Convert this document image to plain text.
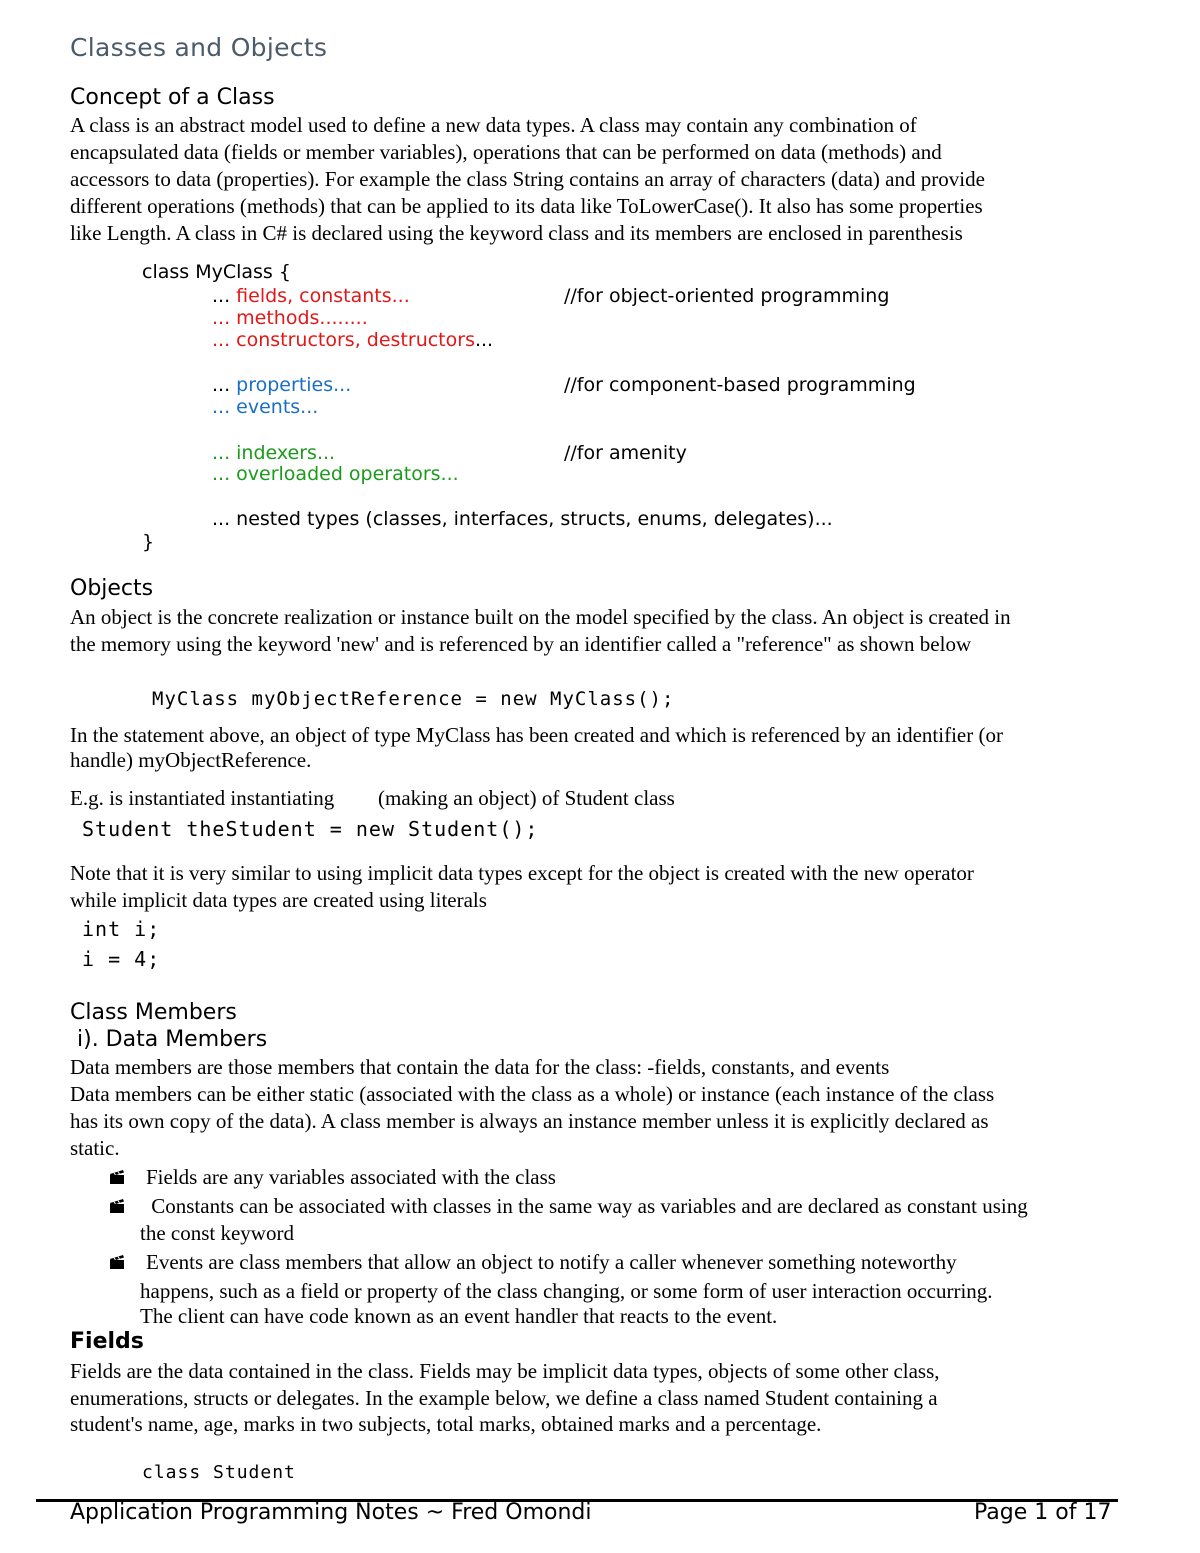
Classes and Objects
Concept of a Class
A class is an abstract model used to define a new data types. A class may contain any combination of
encapsulated data (fields or member variables), operations that can be performed on data (methods) and
accessors to data (properties). For example the class String contains an array of characters (data) and provide
different operations (methods) that can be applied to its data like ToLowerCase(). It also has some properties
like Length. A class in C# is declared using the keyword class and its members are enclosed in parenthesis
class MyClass {
... fields, constants...	//for object-oriented programming
... methods........
... constructors, destructors...
... properties...	//for component-based programming
... events...
... indexers...	//for amenity
... overloaded operators...
... nested types (classes, interfaces, structs, enums, delegates)...
}
Objects
An object is the concrete realization or instance built on the model specified by the class. An object is created in
the memory using the keyword 'new' and is referenced by an identifier called a "reference" as shown below
MyClass myObjectReference = new MyClass();
In the statement above, an object of type MyClass has been created and which is referenced by an identifier (or
handle) myObjectReference.
E.g. is instantiated instantiating (making an object) of Student class
Student theStudent = new Student();
Note that it is very similar to using implicit data types except for the object is created with the new operator
while implicit data types are created using literals
int i;
i = 4;
Class Members
i). Data Members
Data members are those members that contain the data for the class: -fields, constants, and events
Data members can be either static (associated with the class as a whole) or instance (each instance of the class
has its own copy of the data). A class member is always an instance member unless it is explicitly declared as
static.
Fields are any variables associated with the class
Constants can be associated with classes in the same way as variables and are declared as constant using
the const keyword
Events are class members that allow an object to notify a caller whenever something noteworthy
happens, such as a field or property of the class changing, or some form of user interaction occurring.
The client can have code known as an event handler that reacts to the event.
Fields
Fields are the data contained in the class. Fields may be implicit data types, objects of some other class,
enumerations, structs or delegates. In the example below, we define a class named Student containing a
student's name, age, marks in two subjects, total marks, obtained marks and a percentage.
class Student
Application Programming Notes ~ Fred Omondi	Page 1 of 17
